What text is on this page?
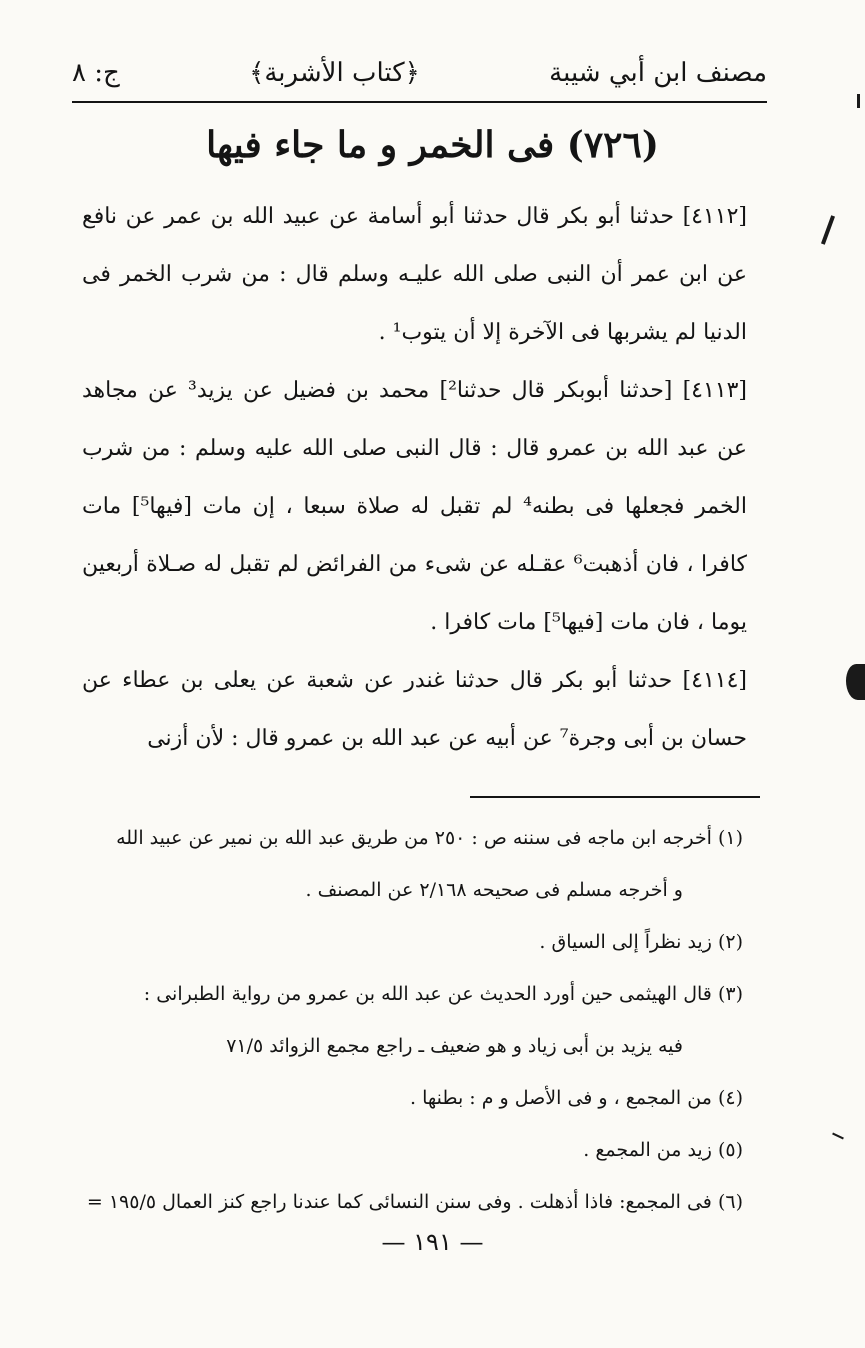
مصنف ابن أبي شيبة
﴿كتاب الأشربة﴾
ج: ٨
(٧٢٦) فى الخمر و ما جاء فيها

[٤١١٢] حدثنا أبو بكر قال حدثنا أبو أسامة عن عبيد الله بن عمر عن نافع عن ابن عمر أن النبى صلى الله عليـه وسلم قال : من شرب الخمر فى الدنيا لم يشربها فى الآخرة إلا أن يتوب¹ .

[٤١١٣] [حدثنا أبوبكر قال حدثنا²] محمد بن فضيل عن يزيد³ عن مجاهد عن عبد الله بن عمرو قال : قال النبى صلى الله عليه وسلم : من شرب الخمر فجعلها فى بطنه⁴ لم تقبل له صلاة سبعا ، إن مات [فيها⁵] مات كافرا ، فان أذهبت⁶ عقـله عن شىء من الفرائض لم تقبل له صـلاة أربعين يوما ، فان مات [فيها⁵] مات كافرا .

[٤١١٤] حدثنا أبو بكر قال حدثنا غندر عن شعبة عن يعلى بن عطاء عن حسان بن أبى وجرة⁷ عن أبيه عن عبد الله بن عمرو قال : لأن أزنى

(١) أخرجه ابن ماجه فى سننه ص : ٢٥٠ من طريق عبد الله بن نمير عن عبيد الله

و أخرجه مسلم فى صحيحه ٢/١٦٨ عن المصنف .

(٢) زيد نظراً إلى السياق .

(٣) قال الهيثمى حين أورد الحديث عن عبد الله بن عمرو من رواية الطبرانى :

فيه يزيد بن أبى زياد و هو ضعيف ـ راجع مجمع الزوائد ٧١/٥

(٤) من المجمع ، و فى الأصل و م : بطنها .

(٥) زيد من المجمع .

(٦) فى المجمع: فاذا أذهلت . وفى سنن النسائى كما عندنا راجع كنز العمال ١٩٥/٥ =

— ١٩١ —
